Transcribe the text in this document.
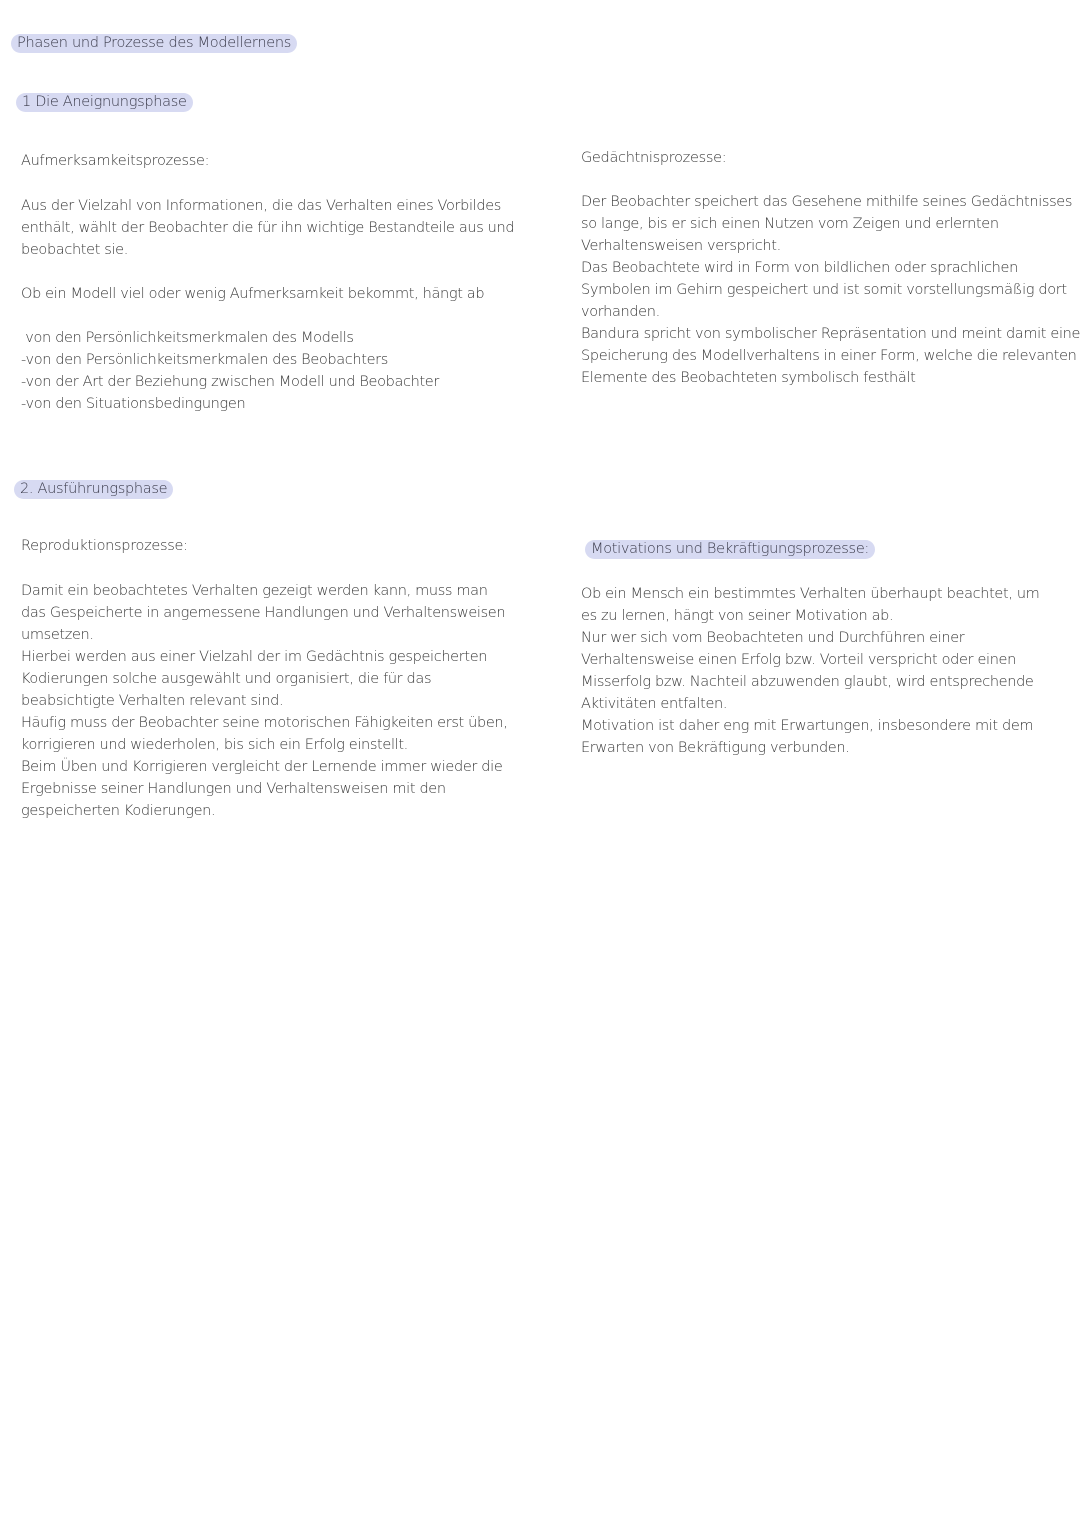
Phasen und Prozesse des Modellernens
1 Die Aneignungsphase
Aufmerksamkeitsprozesse:
Aus der Vielzahl von Informationen, die das Verhalten eines Vorbildes
enthält, wählt der Beobachter die für ihn wichtige Bestandteile aus und
beobachtet sie.
Ob ein Modell viel oder wenig Aufmerksamkeit bekommt, hängt ab
von den Persönlichkeitsmerkmalen des Modells
-von den Persönlichkeitsmerkmalen des Beobachters
-von der Art der Beziehung zwischen Modell und Beobachter
-von den Situationsbedingungen
Gedächtnisprozesse:
Der Beobachter speichert das Gesehene mithilfe seines Gedächtnisses
so lange, bis er sich einen Nutzen vom Zeigen und erlernten
Verhaltensweisen verspricht.
Das Beobachtete wird in Form von bildlichen oder sprachlichen
Symbolen im Gehirn gespeichert und ist somit vorstellungsmäßig dort
vorhanden.
Bandura spricht von symbolischer Repräsentation und meint damit eine
Speicherung des Modellverhaltens in einer Form, welche die relevanten
Elemente des Beobachteten symbolisch festhält
2. Ausführungsphase
Reproduktionsprozesse:
Damit ein beobachtetes Verhalten gezeigt werden kann, muss man
das Gespeicherte in angemessene Handlungen und Verhaltensweisen
umsetzen.
Hierbei werden aus einer Vielzahl der im Gedächtnis gespeicherten
Kodierungen solche ausgewählt und organisiert, die für das
beabsichtigte Verhalten relevant sind.
Häufig muss der Beobachter seine motorischen Fähigkeiten erst üben,
korrigieren und wiederholen, bis sich ein Erfolg einstellt.
Beim Üben und Korrigieren vergleicht der Lernende immer wieder die
Ergebnisse seiner Handlungen und Verhaltensweisen mit den
gespeicherten Kodierungen.
Motivations und Bekräftigungsprozesse:
Ob ein Mensch ein bestimmtes Verhalten überhaupt beachtet, um
es zu lernen, hängt von seiner Motivation ab.
Nur wer sich vom Beobachteten und Durchführen einer
Verhaltensweise einen Erfolg bzw. Vorteil verspricht oder einen
Misserfolg bzw. Nachteil abzuwenden glaubt, wird entsprechende
Aktivitäten entfalten.
Motivation ist daher eng mit Erwartungen, insbesondere mit dem
Erwarten von Bekräftigung verbunden.
